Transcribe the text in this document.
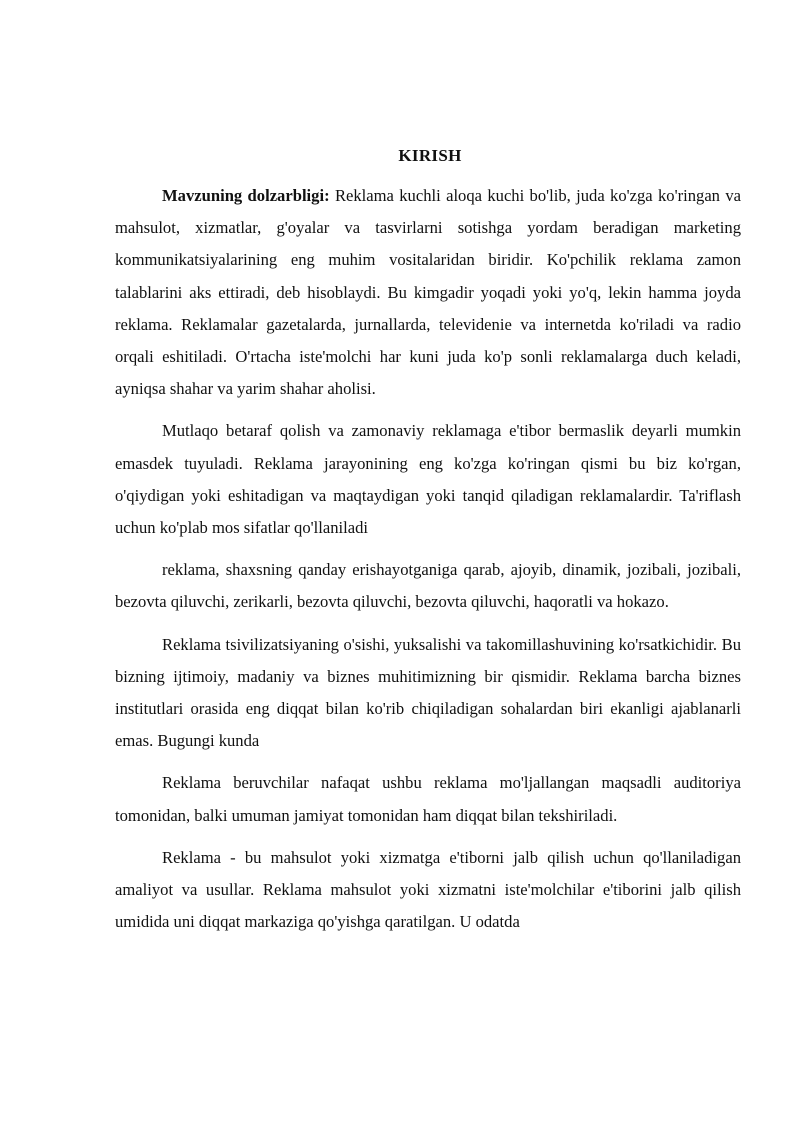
KIRISH

Mavzuning dolzarbligi: Reklama kuchli aloqa kuchi bo'lib, juda ko'zga ko'ringan va mahsulot, xizmatlar, g'oyalar va tasvirlarni sotishga yordam beradigan marketing kommunikatsiyalarining eng muhim vositalaridan biridir. Ko'pchilik reklama zamon talablarini aks ettiradi, deb hisoblaydi. Bu kimgadir yoqadi yoki yo'q, lekin hamma joyda reklama. Reklamalar gazetalarda, jurnallarda, televidenie va internetda ko'riladi va radio orqali eshitiladi. O'rtacha iste'molchi har kuni juda ko'p sonli reklamalarga duch keladi, ayniqsa shahar va yarim shahar aholisi.

Mutlaqo betaraf qolish va zamonaviy reklamaga e'tibor bermaslik deyarli mumkin emasdek tuyuladi. Reklama jarayonining eng ko'zga ko'ringan qismi bu biz ko'rgan, o'qiydigan yoki eshitadigan va maqtaydigan yoki tanqid qiladigan reklamalardir. Ta'riflash uchun ko'plab mos sifatlar qo'llaniladi

reklama, shaxsning qanday erishayotganiga qarab, ajoyib, dinamik, jozibali, jozibali, bezovta qiluvchi, zerikarli, bezovta qiluvchi, bezovta qiluvchi, haqoratli va hokazo.

Reklama tsivilizatsiyaning o'sishi, yuksalishi va takomillashuvining ko'rsatkichidir. Bu bizning ijtimoiy, madaniy va biznes muhitimizning bir qismidir. Reklama barcha biznes institutlari orasida eng diqqat bilan ko'rib chiqiladigan sohalardan biri ekanligi ajablanarli emas. Bugungi kunda

Reklama beruvchilar nafaqat ushbu reklama mo'ljallangan maqsadli auditoriya tomonidan, balki umuman jamiyat tomonidan ham diqqat bilan tekshiriladi.

Reklama - bu mahsulot yoki xizmatga e'tiborni jalb qilish uchun qo'llaniladigan amaliyot va usullar. Reklama mahsulot yoki xizmatni iste'molchilar e'tiborini jalb qilish umidida uni diqqat markaziga qo'yishga qaratilgan. U odatda
